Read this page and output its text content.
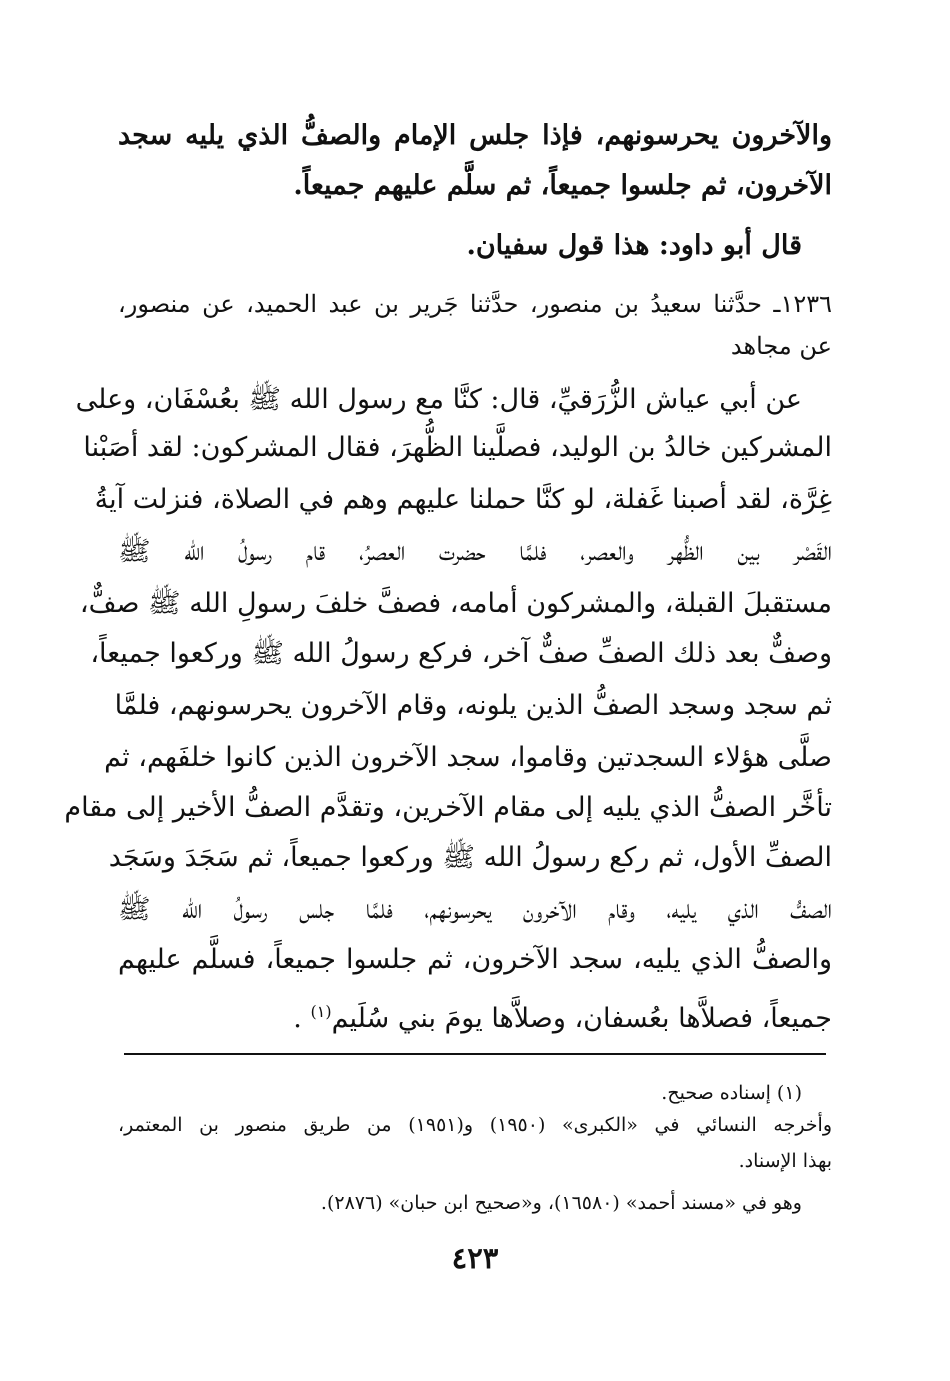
والآخرون يحرسونهم، فإذا جلس الإمام والصفُّ الذي يليه سجد
الآخرون، ثم جلسوا جميعاً، ثم سلَّم عليهم جميعاً.
قال أبو داود: هذا قول سفيان.
١٢٣٦ـ حدَّثنا سعيدُ بن منصور، حدَّثنا جَرير بن عبد الحميد، عن منصور،
عن مجاهد
عن أبي عياش الزُّرَقيِّ، قال: كنَّا مع رسول الله ﷺ بعُسْفَان، وعلى
المشركين خالدُ بن الوليد، فصلَّينا الظُّهرَ، فقال المشركون: لقد أصَبْنا
غِرَّة، لقد أصبنا غَفلة، لو كنَّا حملنا عليهم وهم في الصلاة، فنزلت آيةُ
القَصْر بين الظُّهر والعصر، فلمَّا حضرت العصرُ، قام رسولُ الله ﷺ
مستقبلَ القبلة، والمشركون أمامه، فصفَّ خلفَ رسولِ الله ﷺ صفٌّ،
وصفٌّ بعد ذلك الصفِّ صفٌّ آخر، فركع رسولُ الله ﷺ وركعوا جميعاً،
ثم سجد وسجد الصفُّ الذين يلونه، وقام الآخرون يحرسونهم، فلمَّا
صلَّى هؤلاء السجدتين وقاموا، سجد الآخرون الذين كانوا خلفَهم، ثم
تأخَّر الصفُّ الذي يليه إلى مقام الآخرين، وتقدَّم الصفُّ الأخير إلى مقام
الصفِّ الأول، ثم ركع رسولُ الله ﷺ وركعوا جميعاً، ثم سَجَدَ وسَجَد
الصفُّ الذي يليه، وقام الآخرون يحرسونهم، فلمَّا جلس رسولُ الله ﷺ
والصفُّ الذي يليه، سجد الآخرون، ثم جلسوا جميعاً، فسلَّم عليهم
جميعاً، فصلاَّها بعُسفان، وصلاَّها يومَ بني سُلَيم$^{(١)}$ .
(١) إسناده صحيح.
وأخرجه النسائي في «الكبرى» (١٩٥٠) و(١٩٥١) من طريق منصور بن المعتمر،
بهذا الإسناد.
وهو في «مسند أحمد» (١٦٥٨٠)، و«صحيح ابن حبان» (٢٨٧٦).
٤٢٣
